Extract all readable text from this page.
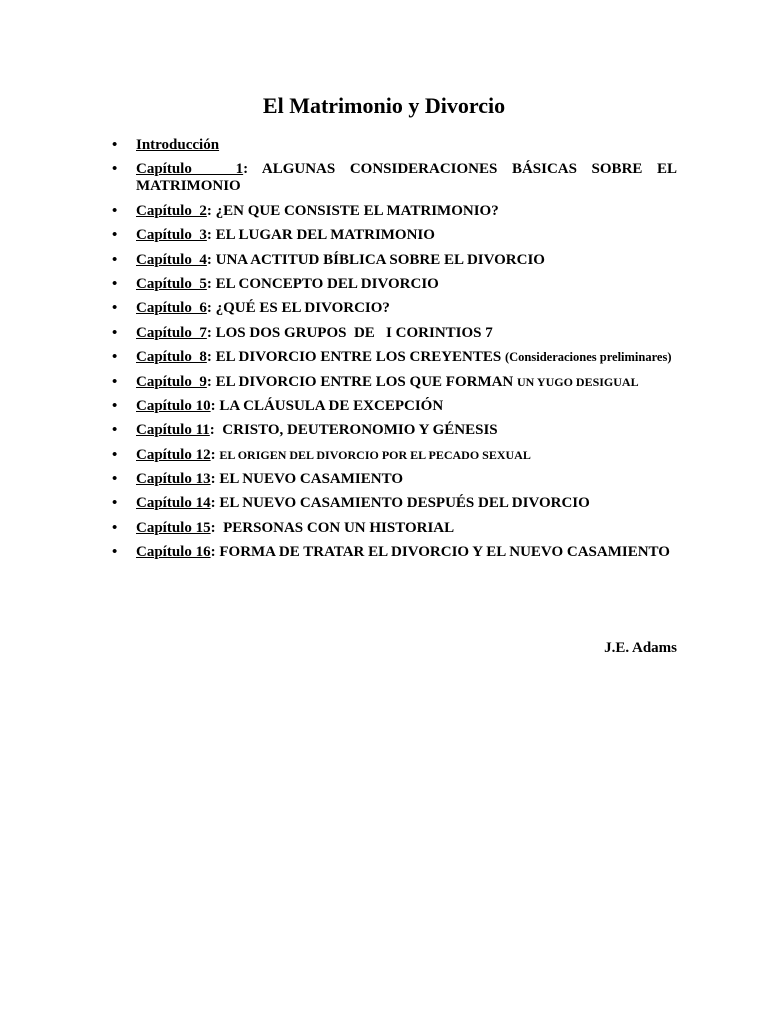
El Matrimonio y Divorcio
• Introducción
• Capítulo   1: ALGUNAS CONSIDERACIONES BÁSICAS SOBRE EL MATRIMONIO
• Capítulo  2: ¿EN QUE CONSISTE EL MATRIMONIO?
• Capítulo  3: EL LUGAR DEL MATRIMONIO
• Capítulo  4: UNA ACTITUD BÍBLICA SOBRE EL DIVORCIO
• Capítulo  5: EL CONCEPTO DEL DIVORCIO
• Capítulo  6: ¿QUÉ ES EL DIVORCIO?
• Capítulo  7: LOS DOS GRUPOS  DE   I CORINTIOS 7
• Capítulo  8: EL DIVORCIO ENTRE LOS CREYENTES (Consideraciones preliminares)
• Capítulo  9: EL DIVORCIO ENTRE LOS QUE FORMAN UN YUGO DESIGUAL
• Capítulo 10: LA CLÁUSULA DE EXCEPCIÓN
• Capítulo 11:  CRISTO, DEUTERONOMIO Y GÉNESIS
• Capítulo 12: EL ORIGEN DEL DIVORCIO POR EL PECADO SEXUAL
• Capítulo 13: EL NUEVO CASAMIENTO
• Capítulo 14: EL NUEVO CASAMIENTO DESPUÉS DEL DIVORCIO
• Capítulo 15:  PERSONAS CON UN HISTORIAL
• Capítulo 16: FORMA DE TRATAR EL DIVORCIO Y EL NUEVO CASAMIENTO
J.E. Adams
